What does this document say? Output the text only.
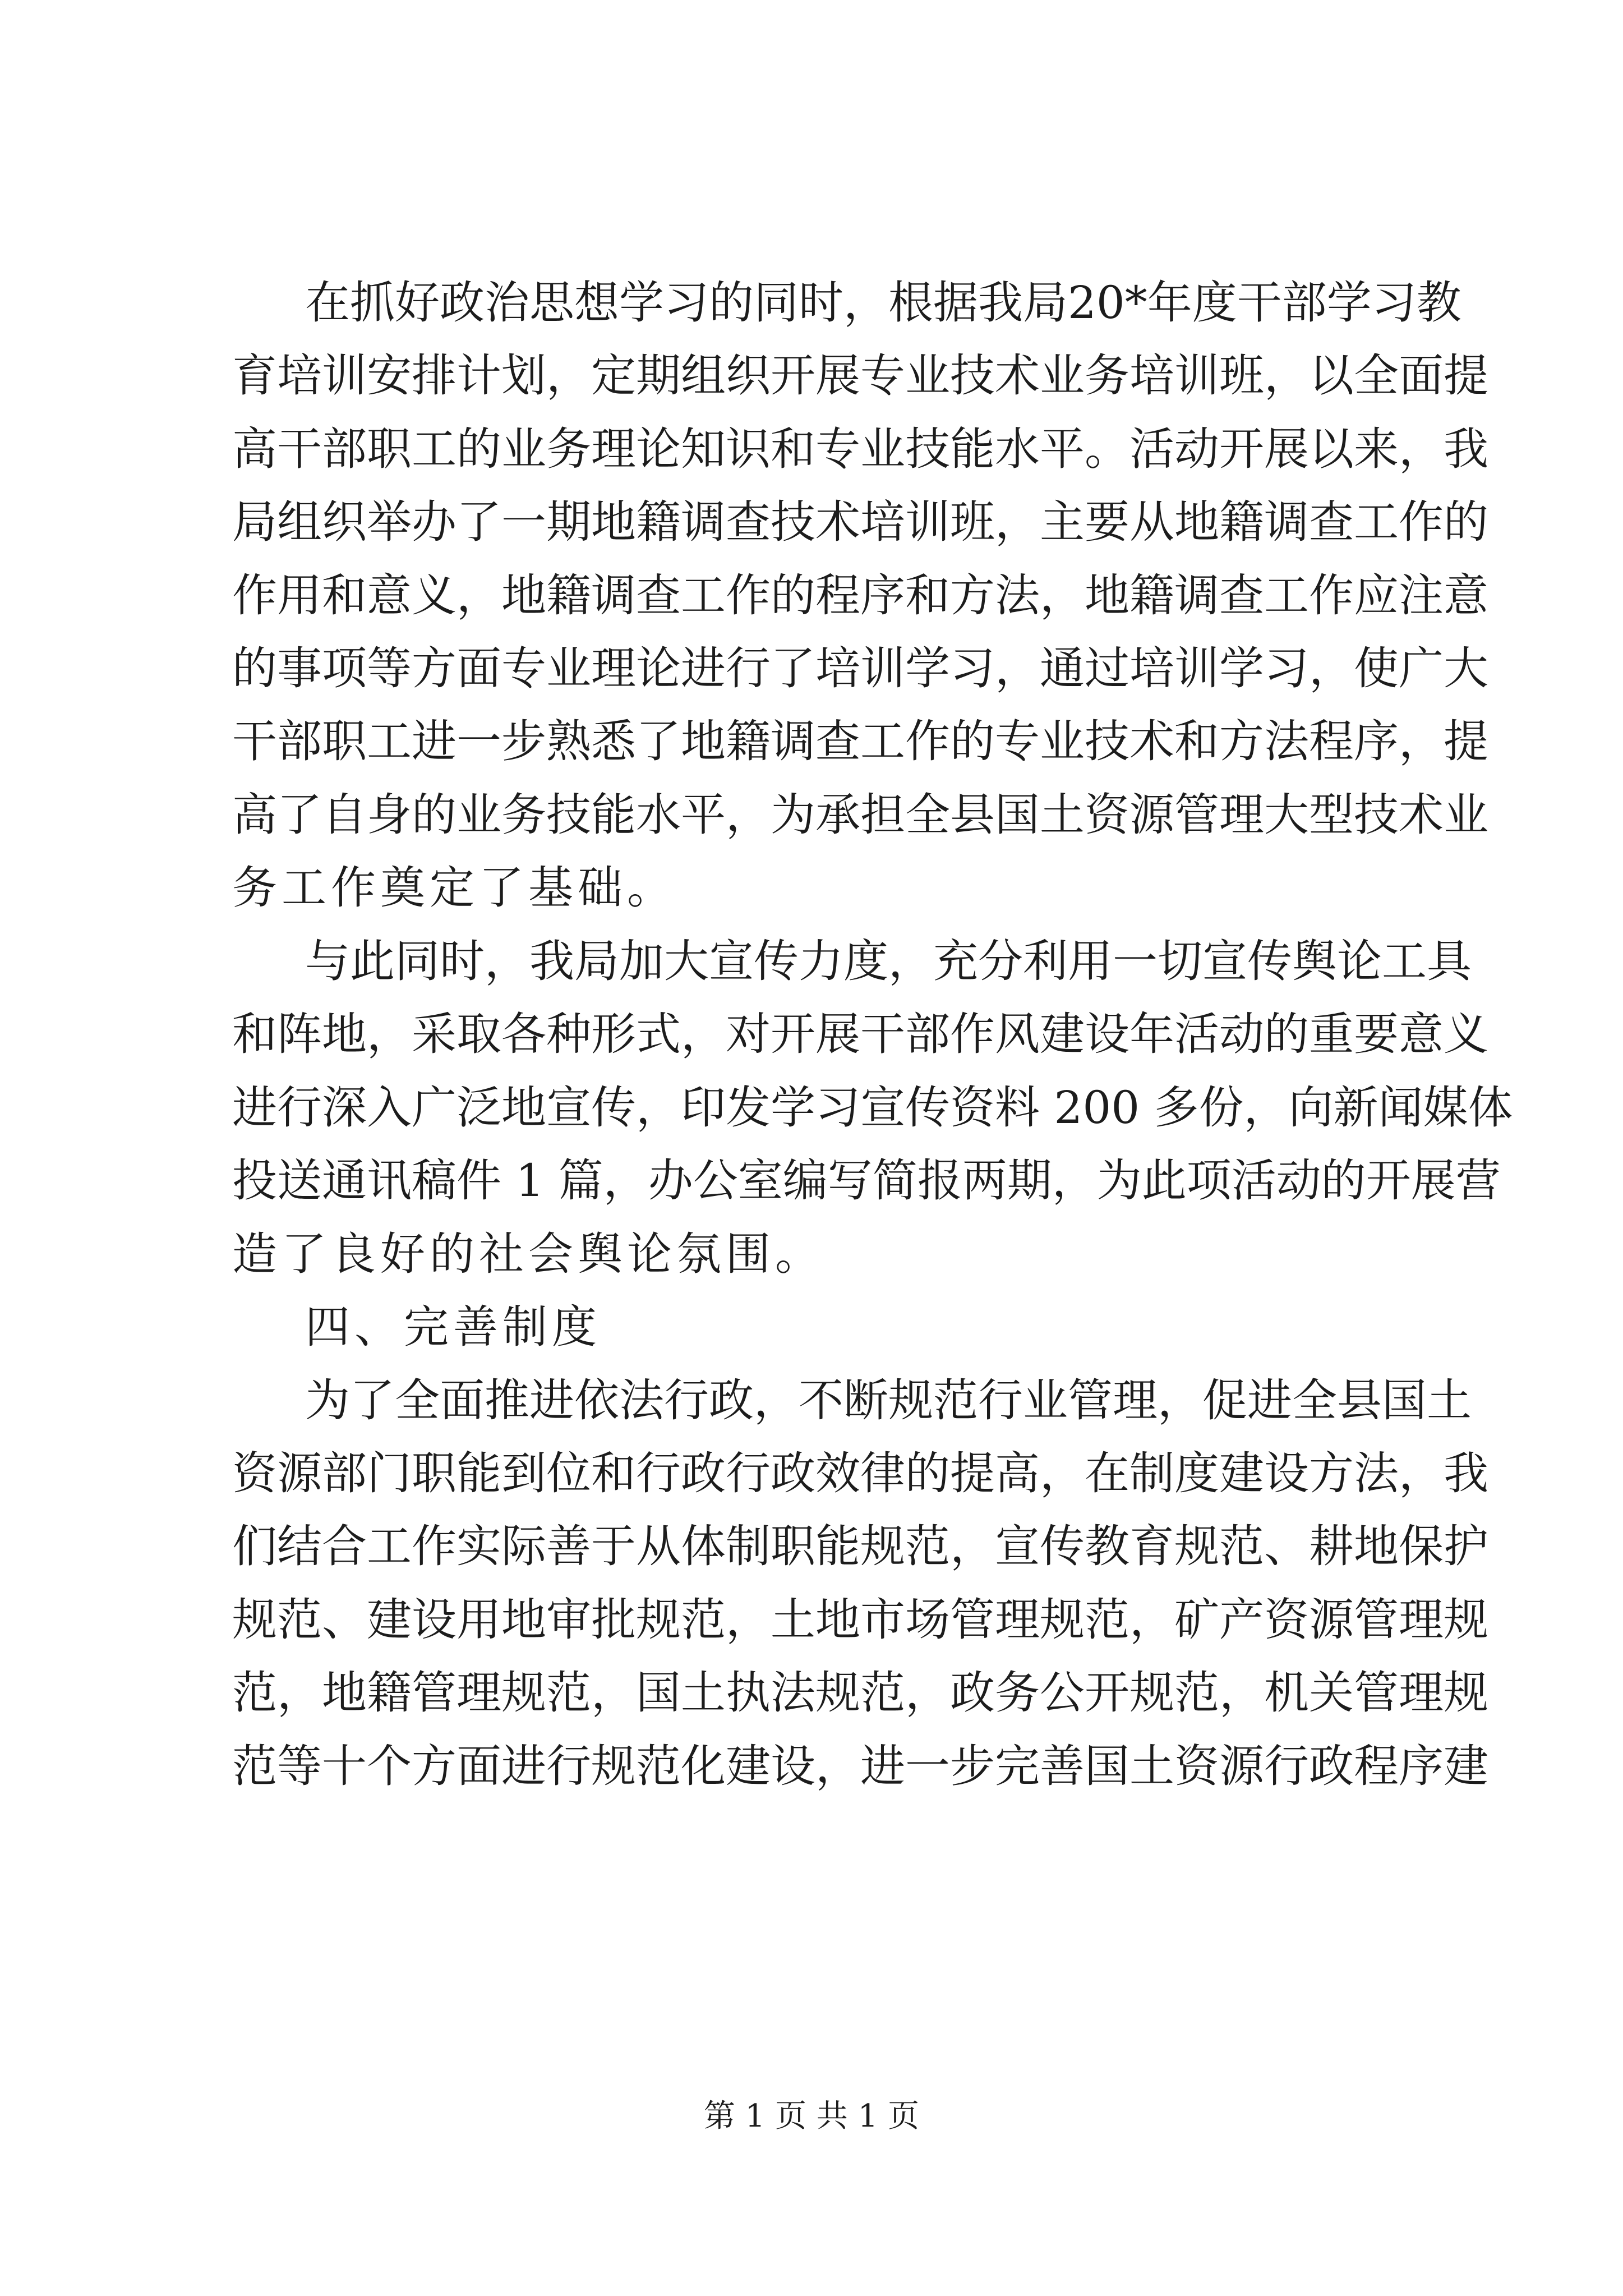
在抓好政治思想学习的同时，根据我局20*年度干部学习教
育培训安排计划，定期组织开展专业技术业务培训班，以全面提
高干部职工的业务理论知识和专业技能水平。活动开展以来，我
局组织举办了一期地籍调查技术培训班，主要从地籍调查工作的
作用和意义，地籍调查工作的程序和方法，地籍调查工作应注意
的事项等方面专业理论进行了培训学习，通过培训学习，使广大
干部职工进一步熟悉了地籍调查工作的专业技术和方法程序，提
高了自身的业务技能水平，为承担全县国土资源管理大型技术业
务工作奠定了基础。
与此同时，我局加大宣传力度，充分利用一切宣传舆论工具
和阵地，采取各种形式，对开展干部作风建设年活动的重要意义
进行深入广泛地宣传，印发学习宣传资料 200 多份，向新闻媒体
投送通讯稿件 1 篇，办公室编写简报两期，为此项活动的开展营
造了良好的社会舆论氛围。
四、完善制度
为了全面推进依法行政，不断规范行业管理，促进全县国土
资源部门职能到位和行政行政效律的提高，在制度建设方法，我
们结合工作实际善于从体制职能规范，宣传教育规范、耕地保护
规范、建设用地审批规范，土地市场管理规范，矿产资源管理规
范，地籍管理规范，国土执法规范，政务公开规范，机关管理规
范等十个方面进行规范化建设，进一步完善国土资源行政程序建
第 1 页 共 1 页
